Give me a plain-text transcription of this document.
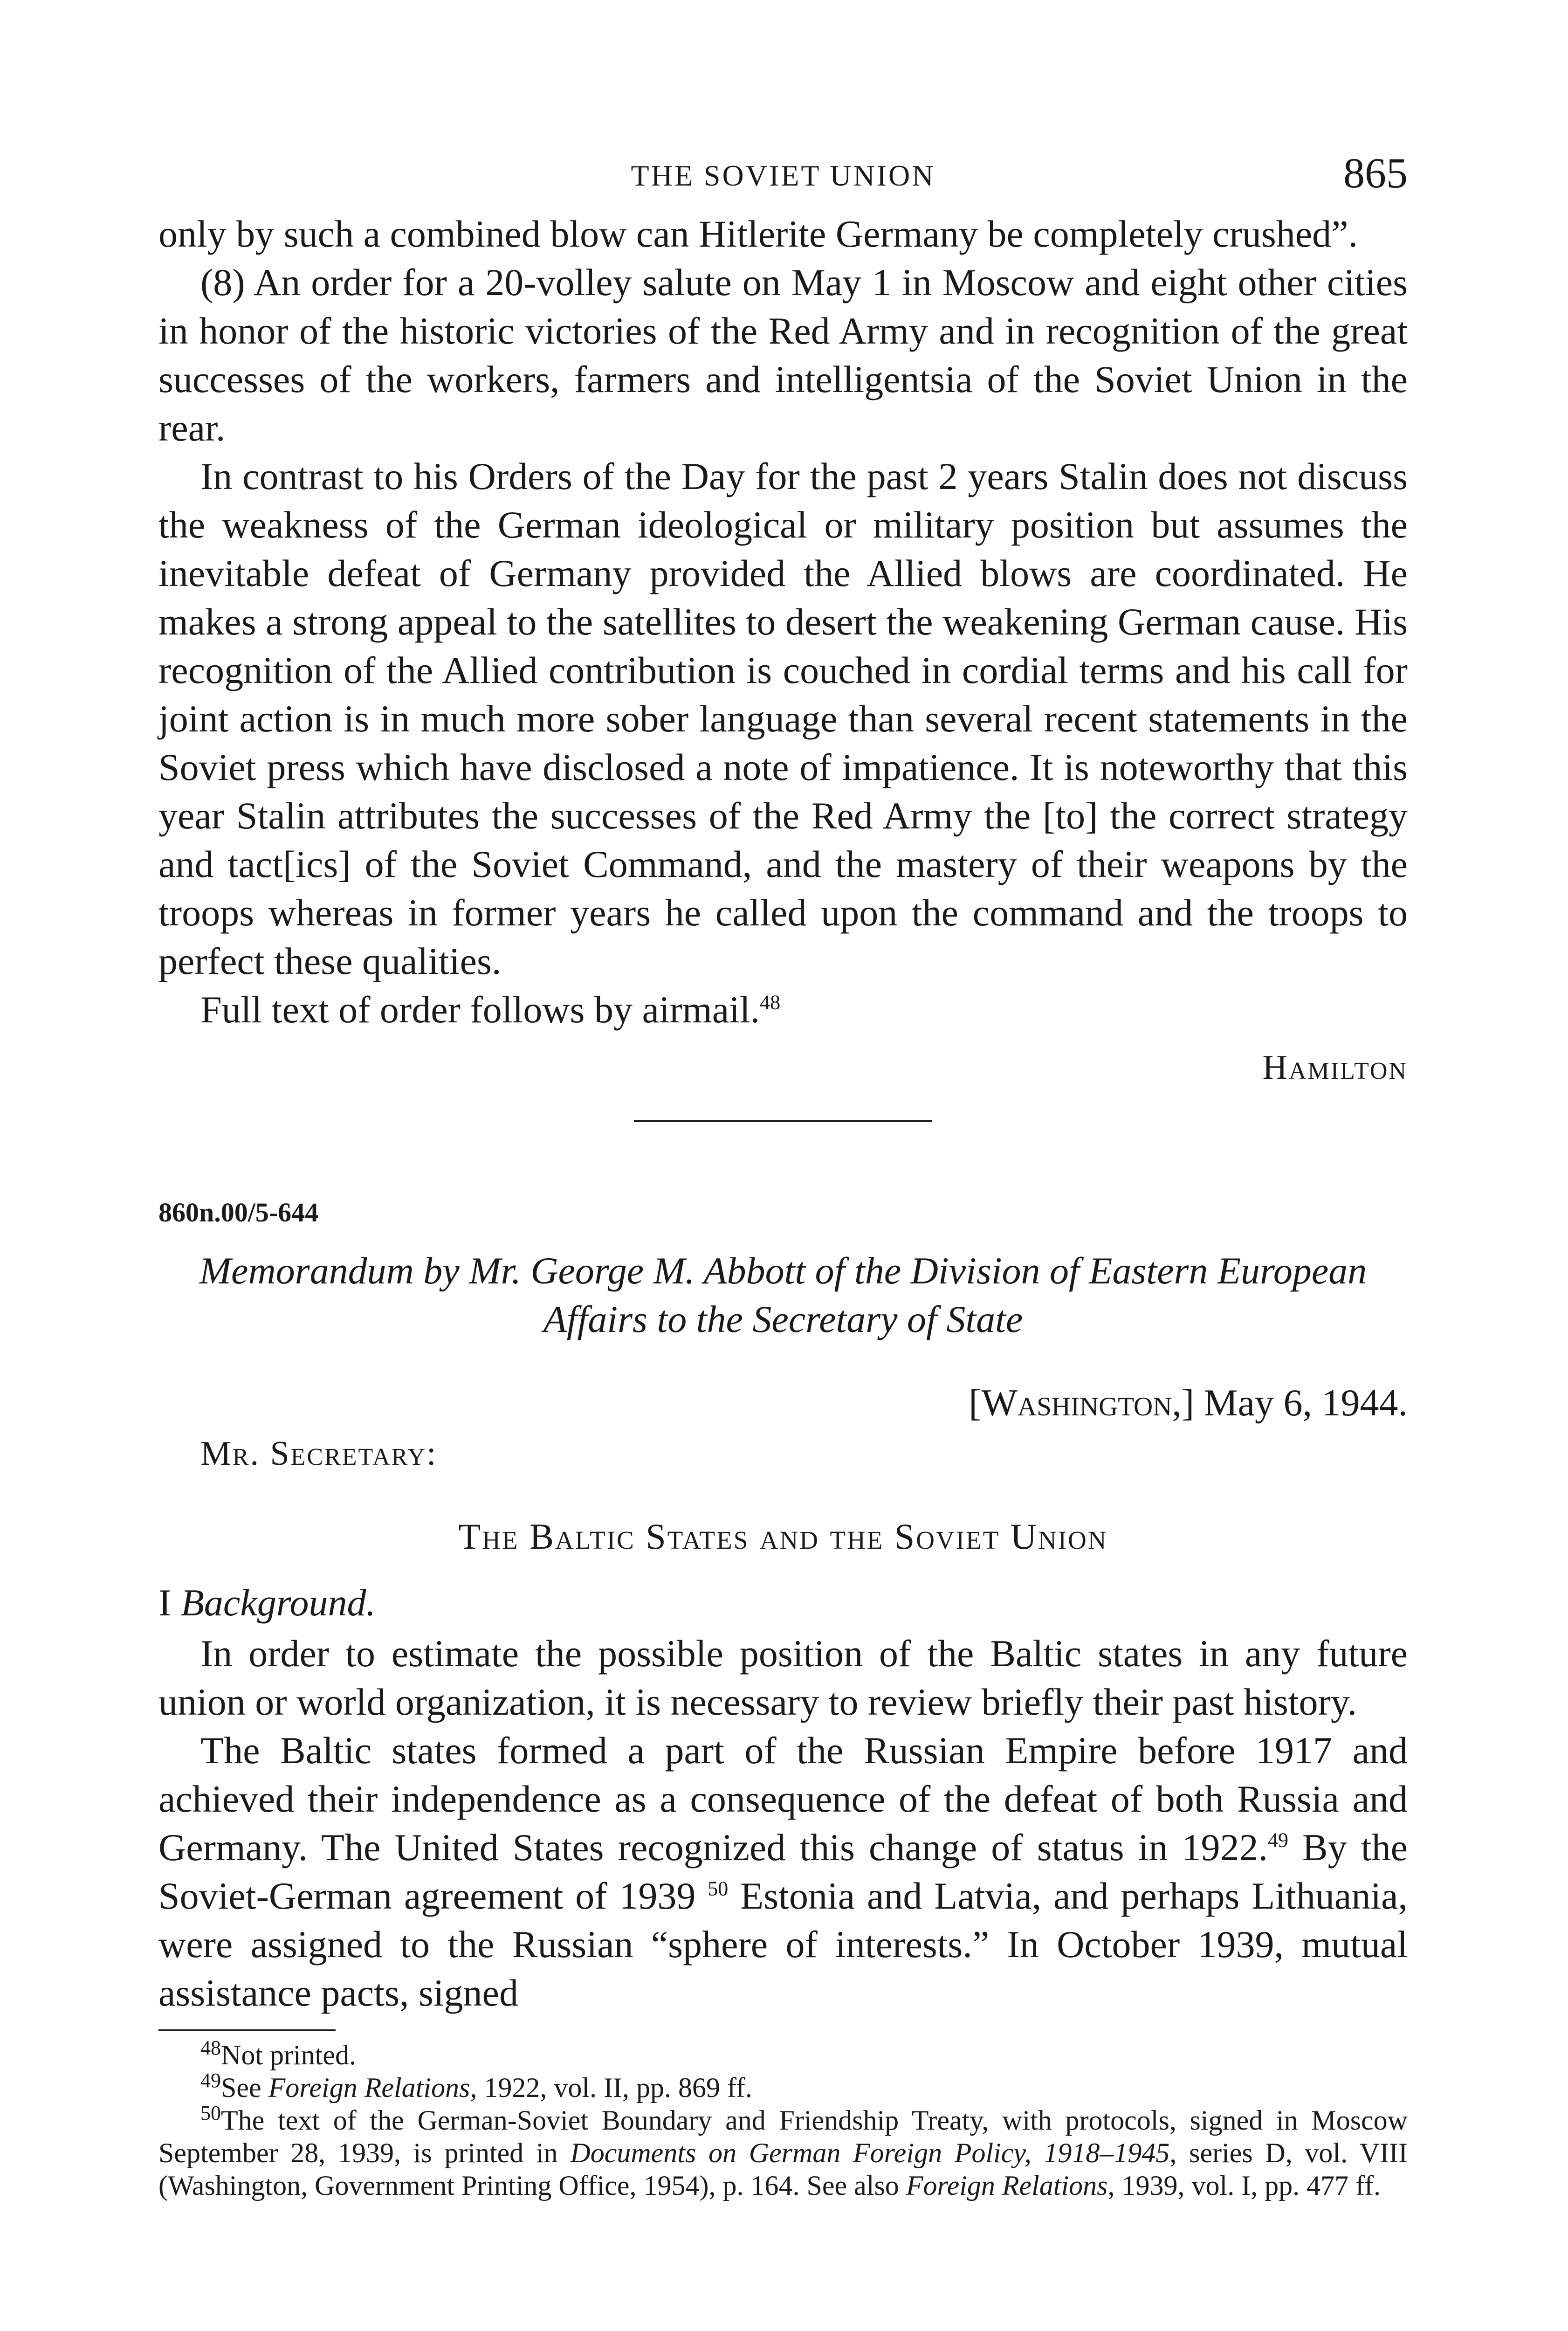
THE SOVIET UNION	865

only by such a combined blow can Hitlerite Germany be completely crushed”.

(8) An order for a 20-volley salute on May 1 in Moscow and eight other cities in honor of the historic victories of the Red Army and in recognition of the great successes of the workers, farmers and intelligentsia of the Soviet Union in the rear.

In contrast to his Orders of the Day for the past 2 years Stalin does not discuss the weakness of the German ideological or military position but assumes the inevitable defeat of Germany provided the Allied blows are coordinated. He makes a strong appeal to the satellites to desert the weakening German cause. His recognition of the Allied contribution is couched in cordial terms and his call for joint action is in much more sober language than several recent statements in the Soviet press which have disclosed a note of impatience. It is noteworthy that this year Stalin attributes the successes of the Red Army the [to] the correct strategy and tact[ics] of the Soviet Command, and the mastery of their weapons by the troops whereas in former years he called upon the command and the troops to perfect these qualities.

Full text of order follows by airmail.$^{48}$

Hamilton
860n.00/5-644
Memorandum by Mr. George M. Abbott of the Division of Eastern European Affairs to the Secretary of State
[Washington,] May 6, 1944.
Mr. Secretary:
The Baltic States and the Soviet Union
I Background.

In order to estimate the possible position of the Baltic states in any future union or world organization, it is necessary to review briefly their past history.

The Baltic states formed a part of the Russian Empire before 1917 and achieved their independence as a consequence of the defeat of both Russia and Germany. The United States recognized this change of status in 1922.49 By the Soviet-German agreement of 1939 $^{50}$ Estonia and Latvia, and perhaps Lithuania, were assigned to the Russian “sphere of interests.” In October 1939, mutual assistance pacts, signed

$^{48}$Not printed.

$^{49}$See Foreign Relations, 1922, vol. II, pp. 869 ff.

$^{50}$The text of the German-Soviet Boundary and Friendship Treaty, with protocols, signed in Moscow September 28, 1939, is printed in Documents on German Foreign Policy, 1918–1945, series D, vol. VIII (Washington, Government Printing Office, 1954), p. 164. See also Foreign Relations, 1939, vol. I, pp. 477 ff.
